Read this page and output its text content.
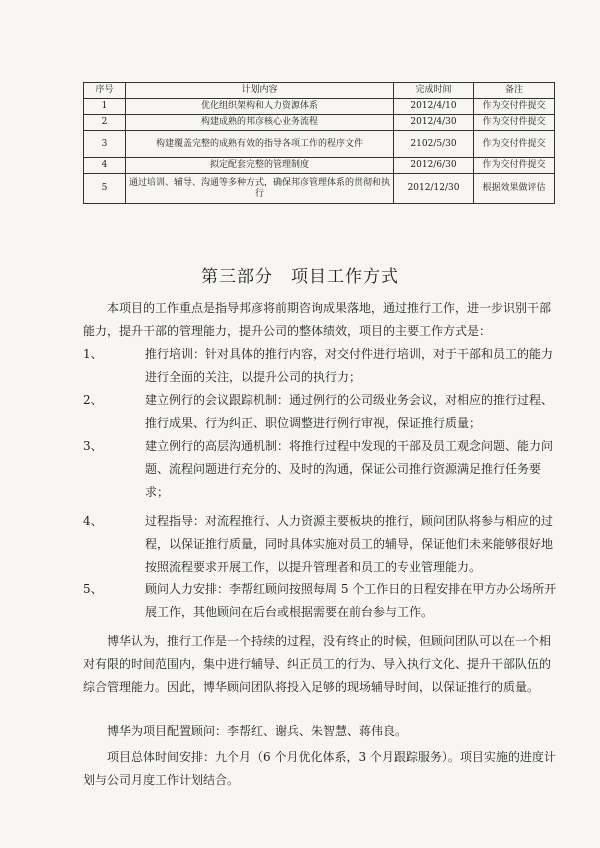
序号	计划内容	完成时间	备注
1	优化组织架构和人力资源体系	2012/4/10	作为交付件提交
2	构建成熟的邦彦核心业务流程	2012/4/30	作为交付件提交
3	构建覆盖完整的成熟有效的指导各项工作的程序文件	2102/5/30	作为交付件提交
4	拟定配套完整的管理制度	2012/6/30	作为交付件提交
5	通过培训、辅导、沟通等多种方式，确保邦彦管理体系的贯彻和执行	2012/12/30	根据效果做评估
第三部分　项目工作方式
本项目的工作重点是指导邦彦将前期咨询成果落地，通过推行工作，进一步识别干部能力，提升干部的管理能力，提升公司的整体绩效，项目的主要工作方式是：
1、	推行培训：针对具体的推行内容，对交付件进行培训，对于干部和员工的能力进行全面的关注，以提升公司的执行力；
2、	建立例行的会议跟踪机制：通过例行的公司级业务会议，对相应的推行过程、推行成果、行为纠正、职位调整进行例行审视，保证推行质量；
3、	建立例行的高层沟通机制：将推行过程中发现的干部及员工观念问题、能力问题、流程问题进行充分的、及时的沟通，保证公司推行资源满足推行任务要求；
4、	过程指导：对流程推行、人力资源主要板块的推行，顾问团队将参与相应的过程，以保证推行质量，同时具体实施对员工的辅导，保证他们未来能够很好地按照流程要求开展工作，以提升管理者和员工的专业管理能力。
5、	顾问人力安排：李帮红顾问按照每周 5 个工作日的日程安排在甲方办公场所开展工作，其他顾问在后台或根据需要在前台参与工作。
博华认为，推行工作是一个持续的过程，没有终止的时候，但顾问团队可以在一个相对有限的时间范围内，集中进行辅导、纠正员工的行为、导入执行文化、提升干部队伍的综合管理能力。因此，博华顾问团队将投入足够的现场辅导时间，以保证推行的质量。
博华为项目配置顾问：李帮红、谢兵、朱智慧、蒋伟良。
项目总体时间安排：九个月（6 个月优化体系，3 个月跟踪服务）。项目实施的进度计划与公司月度工作计划结合。
